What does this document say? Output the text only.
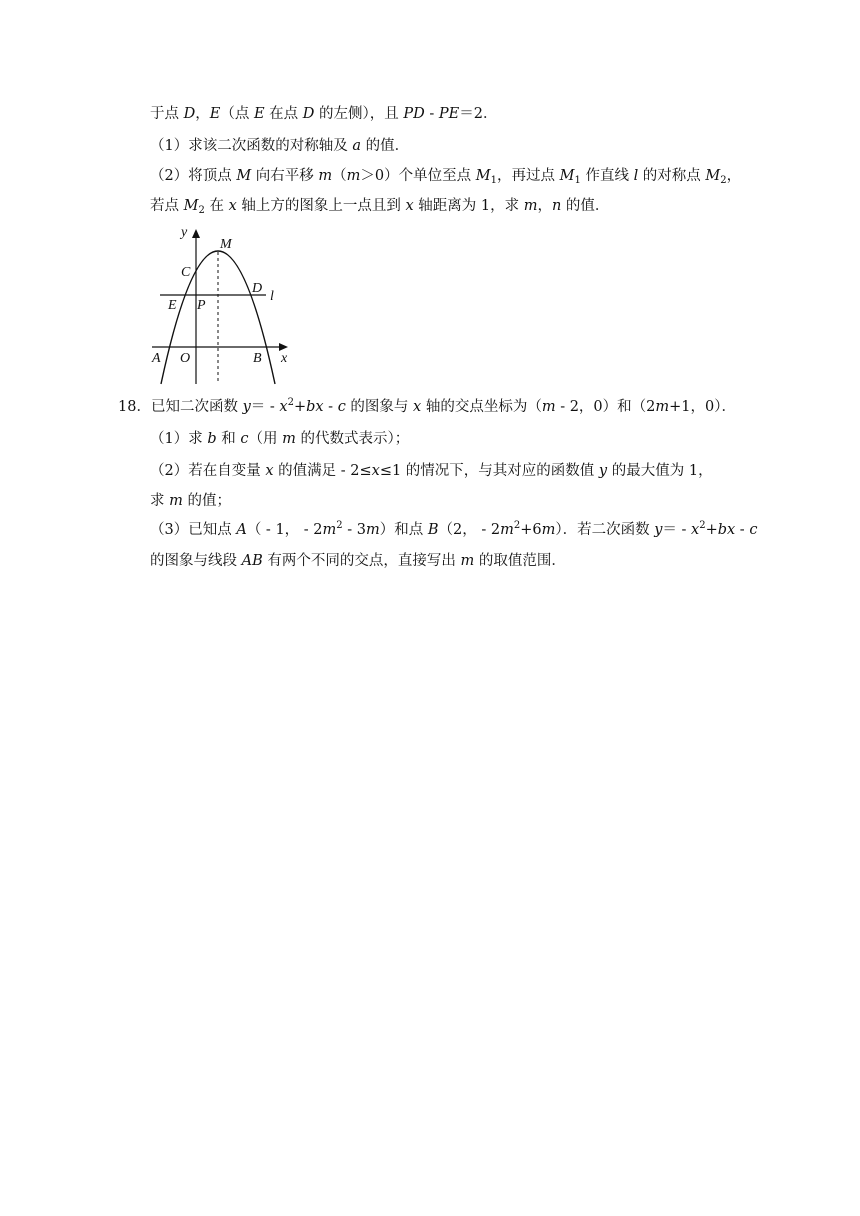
于点 D，E（点 E 在点 D 的左侧），且 PD ‑ PE＝2．
（1）求该二次函数的对称轴及 a 的值．
（2）将顶点 M 向右平移 m（m＞0）个单位至点 $M_1$，再过点 $M_1$ 作直线 l 的对称点 $M_2$，
若点 $M_2$ 在 x 轴上方的图象上一点且到 x 轴距离为 1，求 m，n 的值．
y
M
C
D
l
E P
A O	B x
18．已知二次函数 y＝ ‑ $x^2+bx$ ‑ c 的图象与 x 轴的交点坐标为（m ‑ 2，0）和（2m+1，0）．
（1）求 b 和 c（用 m 的代数式表示）；
（2）若在自变量 x 的值满足 ‑ 2≤x≤1 的情况下，与其对应的函数值 y 的最大值为 1，
求 m 的值；
（3）已知点 A（ ‑ 1， ‑ $2m^2$ ‑ 3m）和点 B（2， ‑ $2m^2+6m$）．若二次函数 y＝ ‑ $x^2+bx$ ‑ c
的图象与线段 AB 有两个不同的交点，直接写出 m 的取值范围．
